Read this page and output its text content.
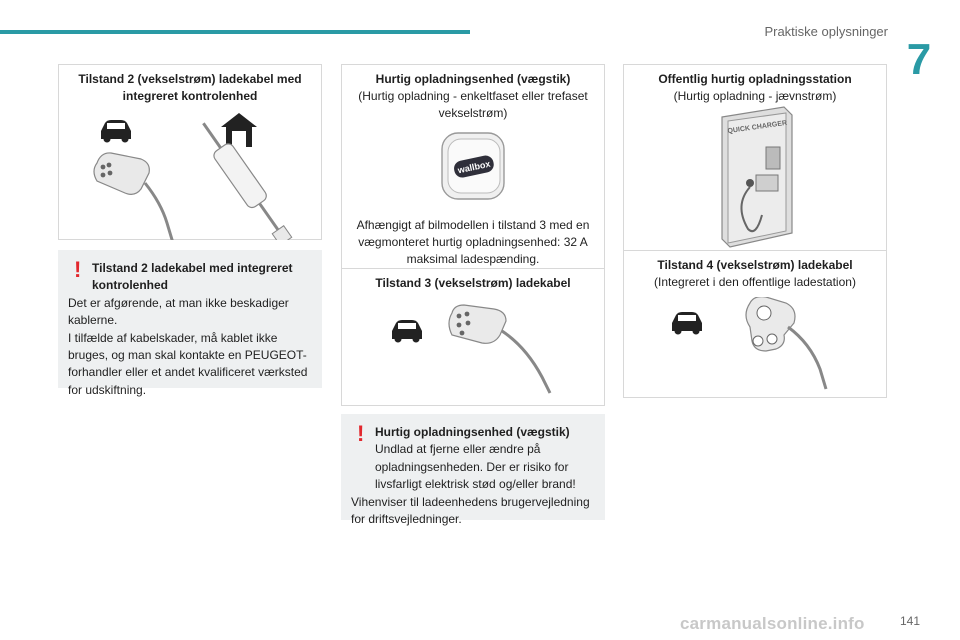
Praktiske oplysninger
7
Tilstand 2 (vekselstrøm) ladekabel med integreret kontrolenhed
! Tilstand 2 ladekabel med integreret kontrolenhed
Det er afgørende, at man ikke beskadiger kablerne.
I tilfælde af kabelskader, må kablet ikke bruges, og man skal kontakte en PEUGEOT-forhandler eller et andet kvalificeret værksted for udskiftning.
Hurtig opladningsenhed (vægstik)
(Hurtig opladning - enkeltfaset eller trefaset vekselstrøm)
wallbox
Afhængigt af bilmodellen i tilstand 3 med en vægmonteret hurtig opladningsenhed: 32 A maksimal ladespænding.
Tilstand 3 (vekselstrøm) ladekabel
! Hurtig opladningsenhed (vægstik)
Undlad at fjerne eller ændre på opladningsenheden. Der er risiko for livsfarligt elektrisk stød og/eller brand!
Vihenviser til ladeenhedens brugervejledning for driftsvejledninger.
Offentlig hurtig opladningsstation
(Hurtig opladning - jævnstrøm)
QUICK CHARGER
Tilstand 4 (vekselstrøm) ladekabel
(Integreret i den offentlige ladestation)
141
carmanualsonline.info
